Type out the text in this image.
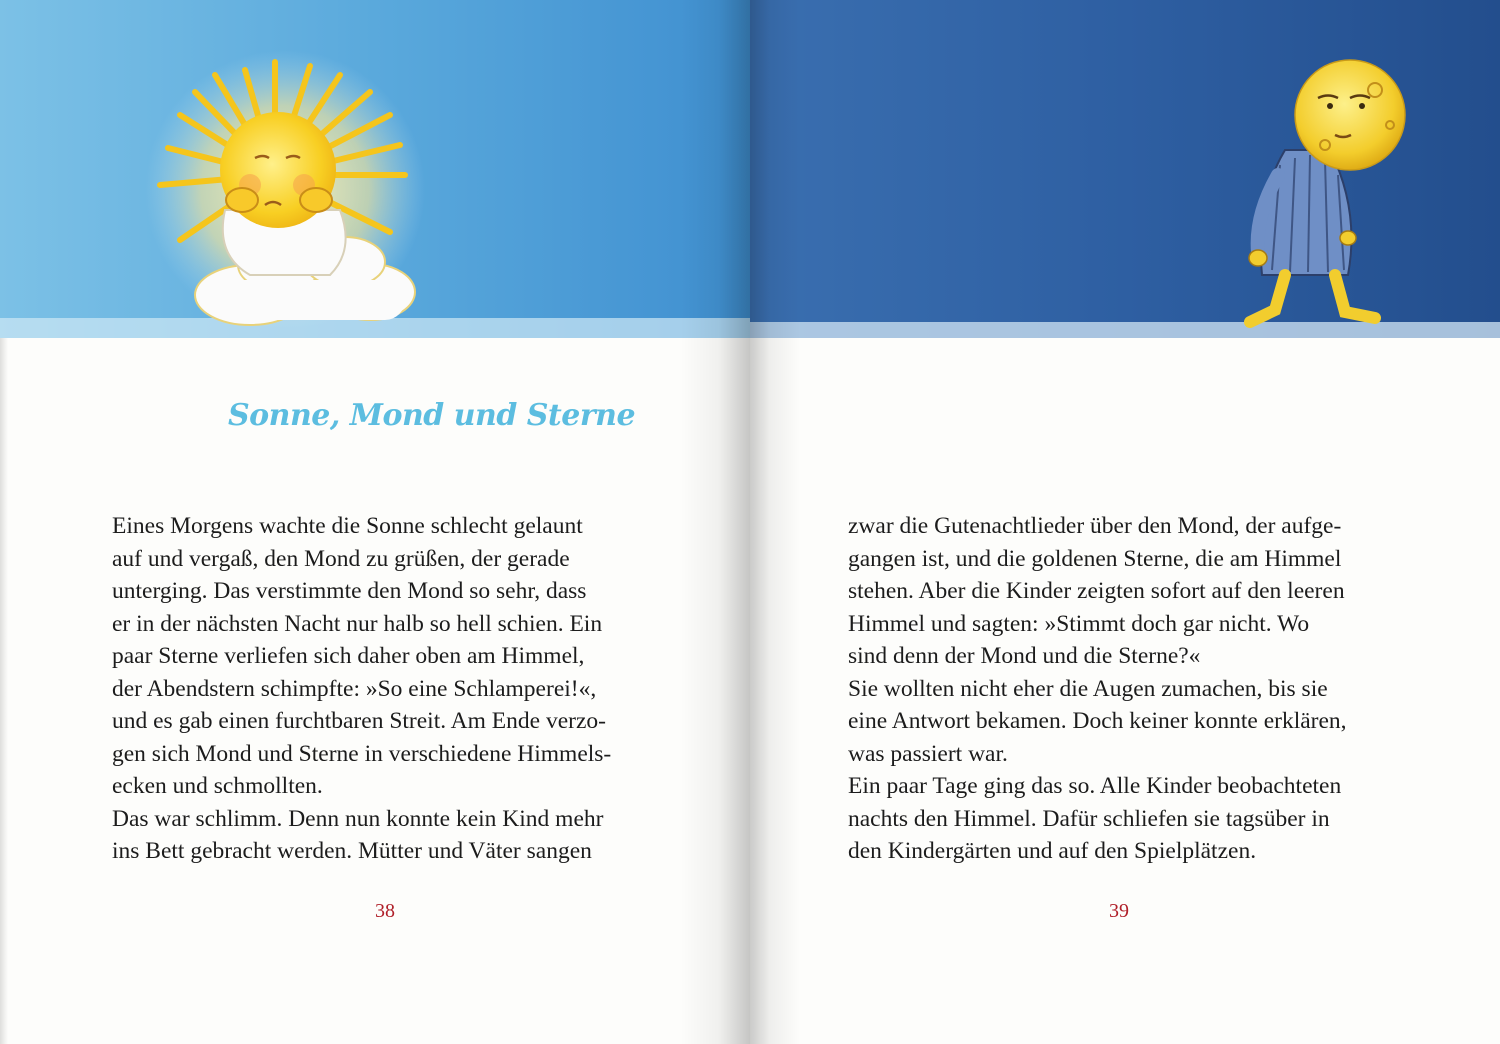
Sonne, Mond und Sterne
Eines Morgens wachte die Sonne schlecht gelaunt
auf und vergaß, den Mond zu grüßen, der gerade
unterging. Das verstimmte den Mond so sehr, dass
er in der nächsten Nacht nur halb so hell schien. Ein
paar Sterne verliefen sich daher oben am Himmel,
der Abendstern schimpfte: »So eine Schlamperei!«,
und es gab einen furchtbaren Streit. Am Ende verzo-
gen sich Mond und Sterne in verschiedene Himmels-
ecken und schmollten.
Das war schlimm. Denn nun konnte kein Kind mehr
ins Bett gebracht werden. Mütter und Väter sangen
38
zwar die Gutenachtlieder über den Mond, der aufge-
gangen ist, und die goldenen Sterne, die am Himmel
stehen. Aber die Kinder zeigten sofort auf den leeren
Himmel und sagten: »Stimmt doch gar nicht. Wo
sind denn der Mond und die Sterne?«
Sie wollten nicht eher die Augen zumachen, bis sie
eine Antwort bekamen. Doch keiner konnte erklären,
was passiert war.
Ein paar Tage ging das so. Alle Kinder beobachteten
nachts den Himmel. Dafür schliefen sie tagsüber in
den Kindergärten und auf den Spielplätzen.
39
